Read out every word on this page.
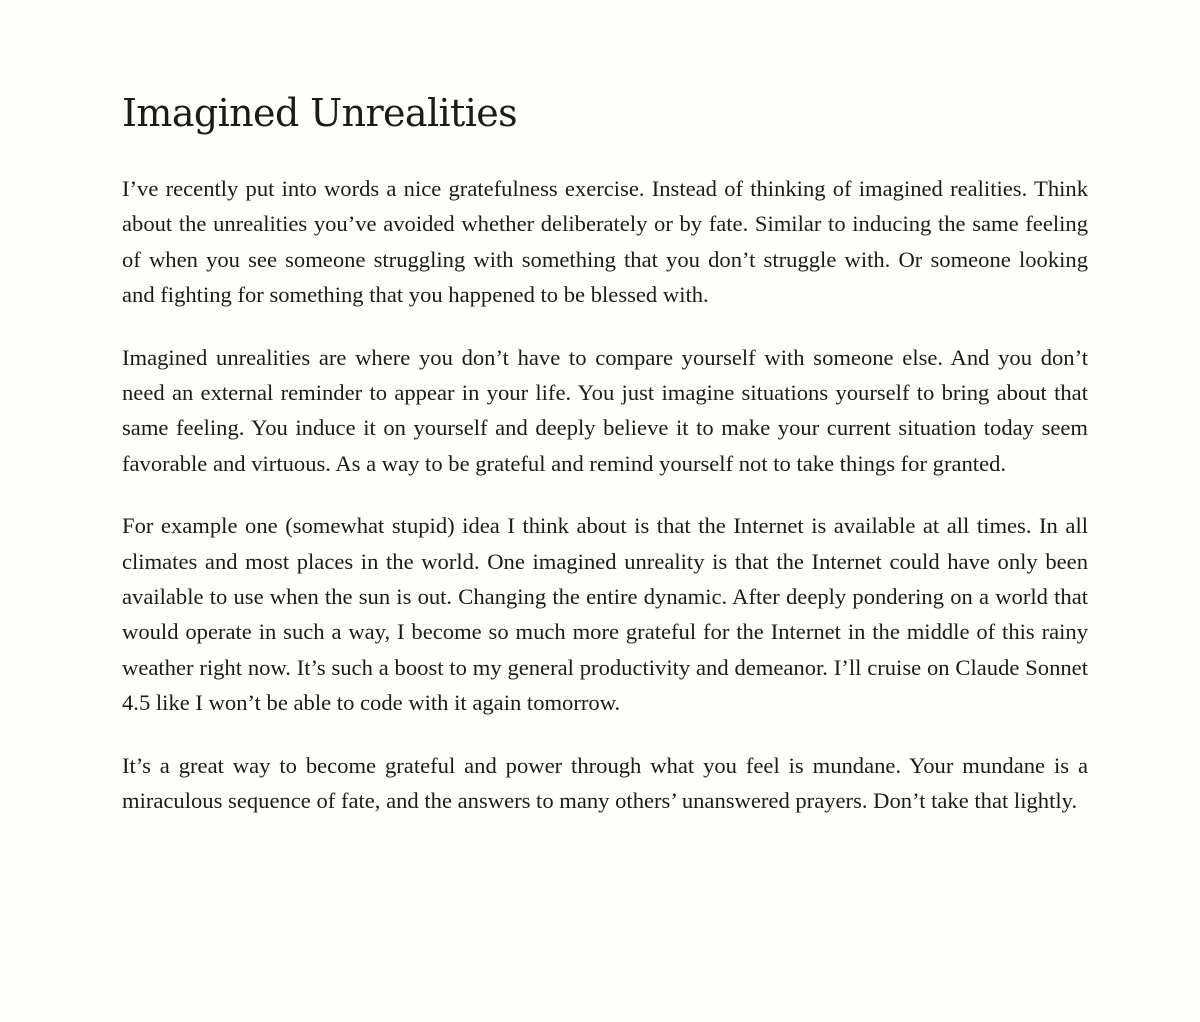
Imagined Unrealities

I’ve recently put into words a nice gratefulness exercise. Instead of thinking of imagined realities. Think about the unrealities you’ve avoided whether deliberately or by fate. Similar to inducing the same feeling of when you see someone struggling with something that you don’t struggle with. Or someone looking and fighting for something that you happened to be blessed with.

Imagined unrealities are where you don’t have to compare yourself with someone else. And you don’t need an external reminder to appear in your life. You just imagine situations yourself to bring about that same feeling. You induce it on yourself and deeply believe it to make your current situation today seem favorable and virtuous. As a way to be grateful and remind yourself not to take things for granted.

For example one (somewhat stupid) idea I think about is that the Internet is available at all times. In all climates and most places in the world. One imagined unreality is that the Internet could have only been available to use when the sun is out. Changing the entire dynamic. After deeply pondering on a world that would operate in such a way, I become so much more grateful for the Internet in the middle of this rainy weather right now. It’s such a boost to my general productivity and demeanor. I’ll cruise on Claude Sonnet 4.5 like I won’t be able to code with it again tomorrow.

It’s a great way to become grateful and power through what you feel is mundane. Your mundane is a miraculous sequence of fate, and the answers to many others’ unanswered prayers. Don’t take that lightly.
